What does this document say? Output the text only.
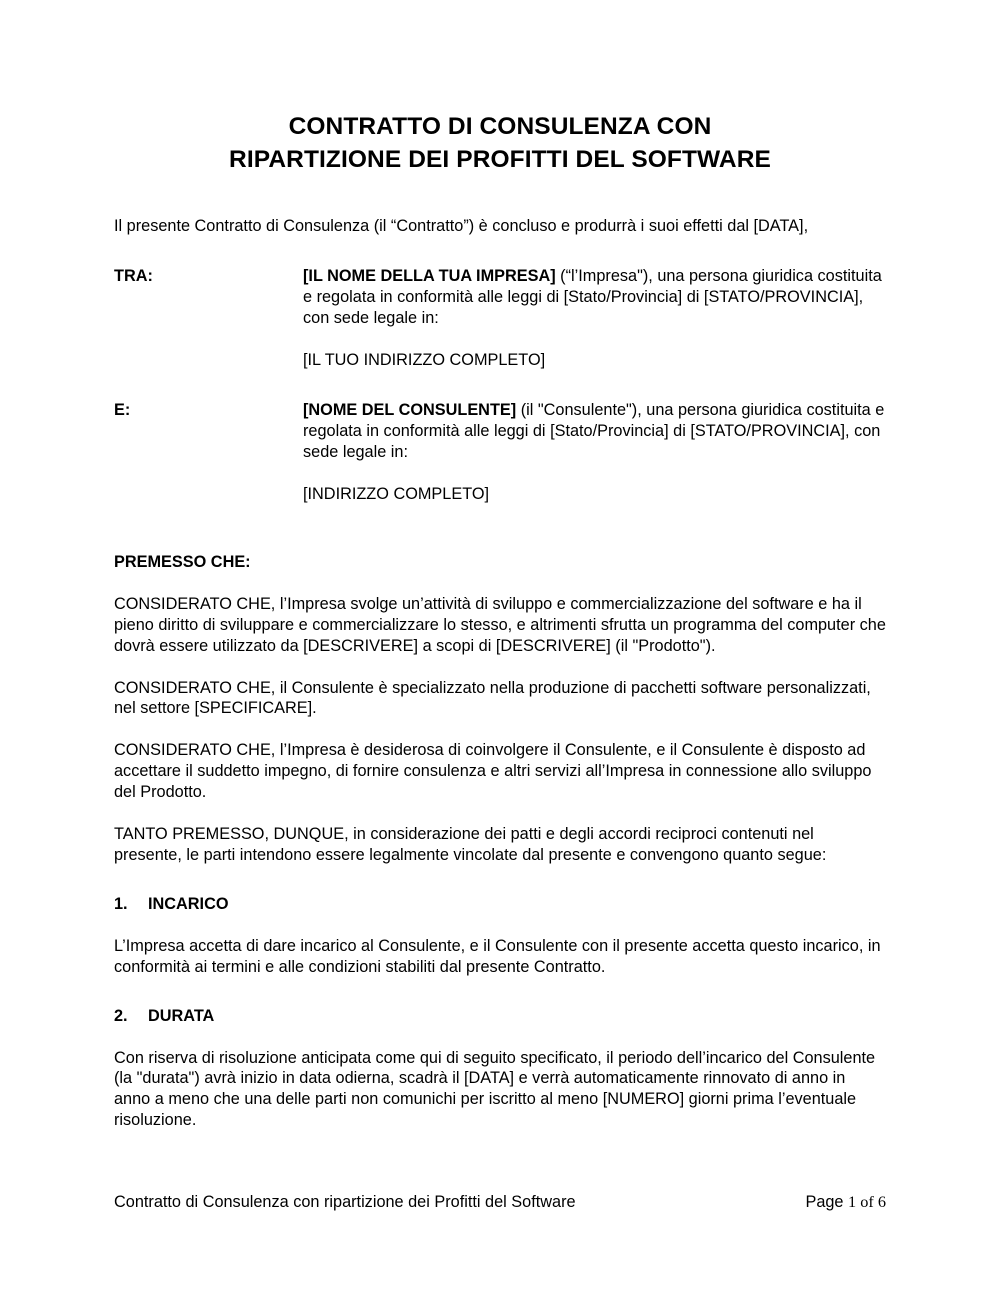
CONTRATTO DI CONSULENZA CON
RIPARTIZIONE DEI PROFITTI DEL SOFTWARE

Il presente Contratto di Consulenza (il “Contratto”) è concluso e produrrà i suoi effetti dal [DATA],

TRA:	[IL NOME DELLA TUA IMPRESA] (“l’Impresa"), una persona giuridica costituita e regolata in conformità alle leggi di [Stato/Provincia] di [STATO/PROVINCIA], con sede legale in:
[IL TUO INDIRIZZO COMPLETO]
E:	[NOME DEL CONSULENTE] (il "Consulente"), una persona giuridica costituita e regolata in conformità alle leggi di [Stato/Provincia] di [STATO/PROVINCIA], con sede legale in:
[INDIRIZZO COMPLETO]

PREMESSO CHE:

CONSIDERATO CHE, l’Impresa svolge un’attività di sviluppo e commercializzazione del software e ha il pieno diritto di sviluppare e commercializzare lo stesso, e altrimenti sfrutta un programma del computer che dovrà essere utilizzato da [DESCRIVERE] a scopi di [DESCRIVERE] (il "Prodotto").

CONSIDERATO CHE, il Consulente è specializzato nella produzione di pacchetti software personalizzati, nel settore [SPECIFICARE].

CONSIDERATO CHE, l’Impresa è desiderosa di coinvolgere il Consulente, e il Consulente è disposto ad accettare il suddetto impegno, di fornire consulenza e altri servizi all’Impresa in connessione allo sviluppo del Prodotto.

TANTO PREMESSO, DUNQUE, in considerazione dei patti e degli accordi reciproci contenuti nel presente, le parti intendono essere legalmente vincolate dal presente e convengono quanto segue:

1.	INCARICO

L’Impresa accetta di dare incarico al Consulente, e il Consulente con il presente accetta questo incarico, in conformità ai termini e alle condizioni stabiliti dal presente Contratto.

2.	DURATA

Con riserva di risoluzione anticipata come qui di seguito specificato, il periodo dell’incarico del Consulente (la "durata") avrà inizio in data odierna, scadrà il [DATA] e verrà automaticamente rinnovato di anno in anno a meno che una delle parti non comunichi per iscritto al meno [NUMERO] giorni prima l’eventuale risoluzione.

Contratto di Consulenza con ripartizione dei Profitti del Software	Page 1 of 6
